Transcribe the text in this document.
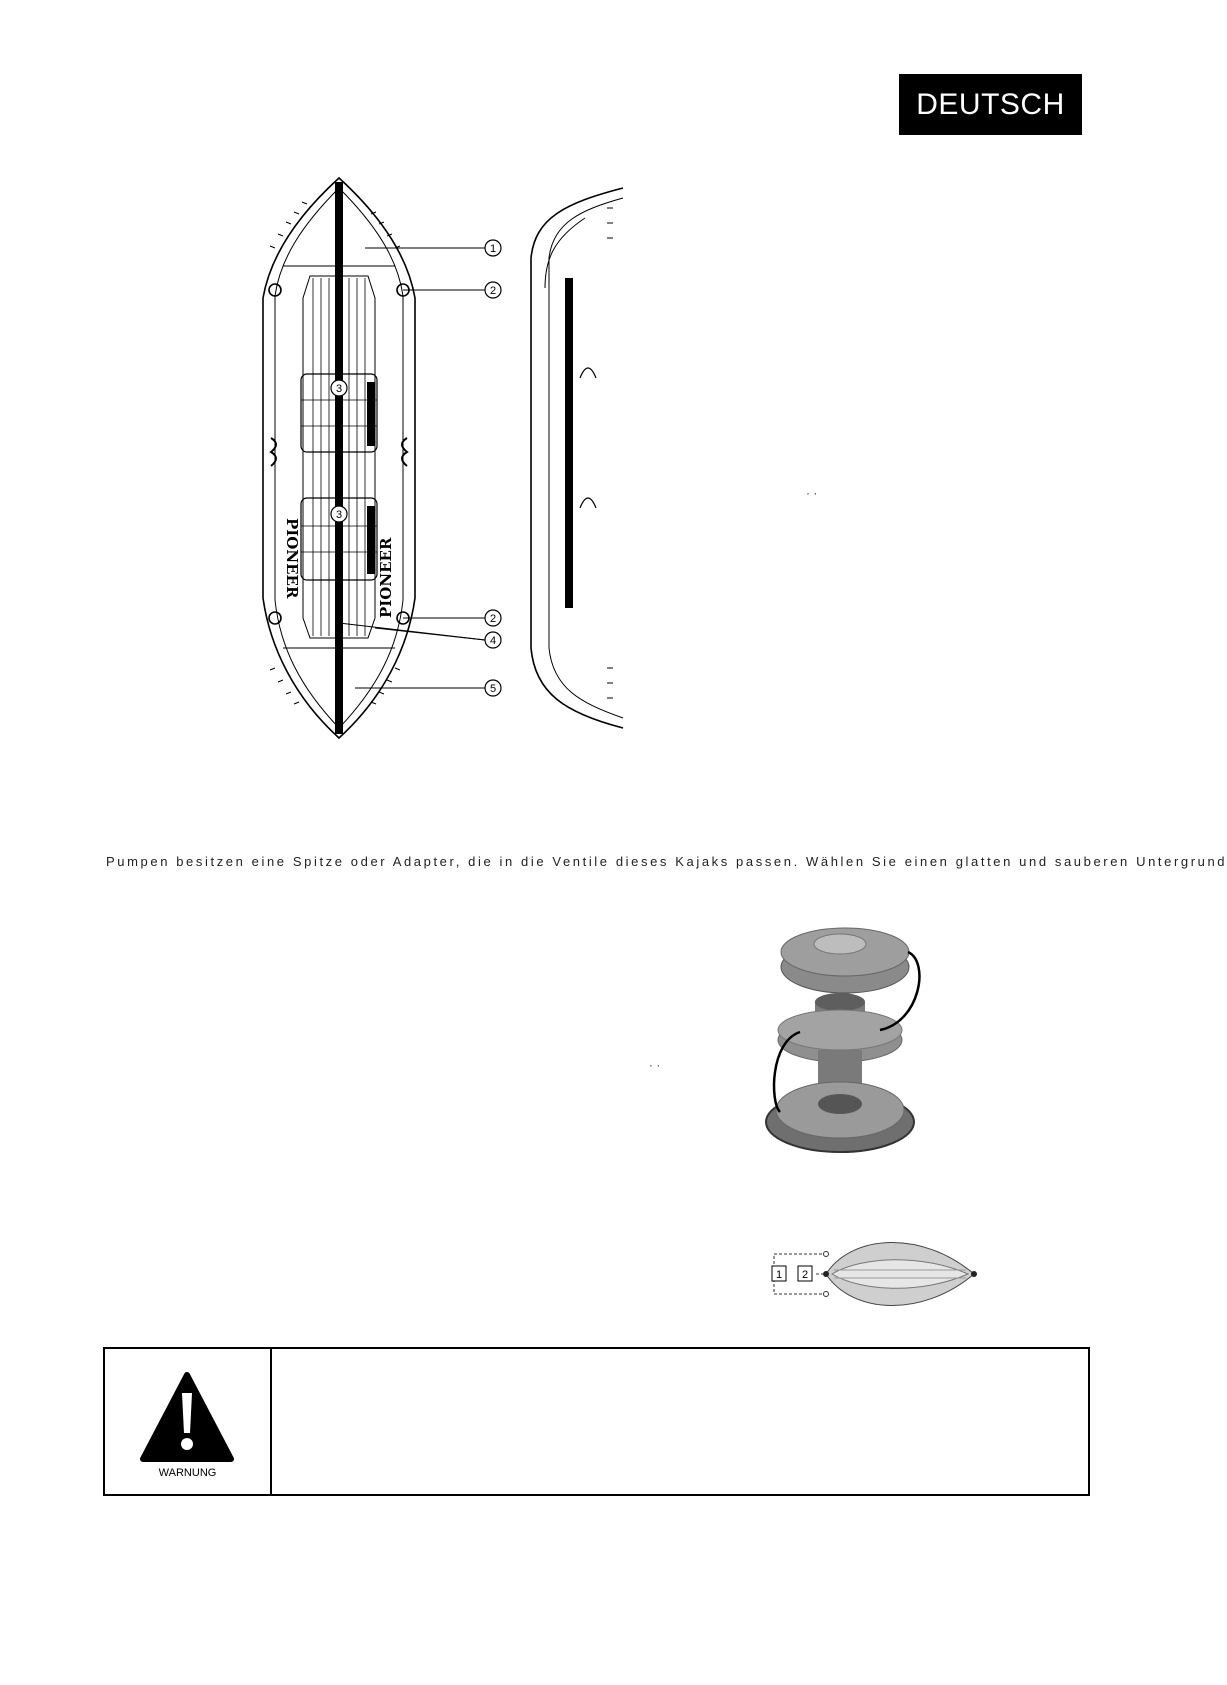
DEUTSCH
PIONEER	PIONEER
1
2
3
3
2
4
5
Pumpen besitzen eine Spitze oder Adapter, die in die Ventile dieses Kajaks passen. Wählen Sie einen glatten und sauberen Untergrund
· ·
· ·
1 2
WARNUNG
